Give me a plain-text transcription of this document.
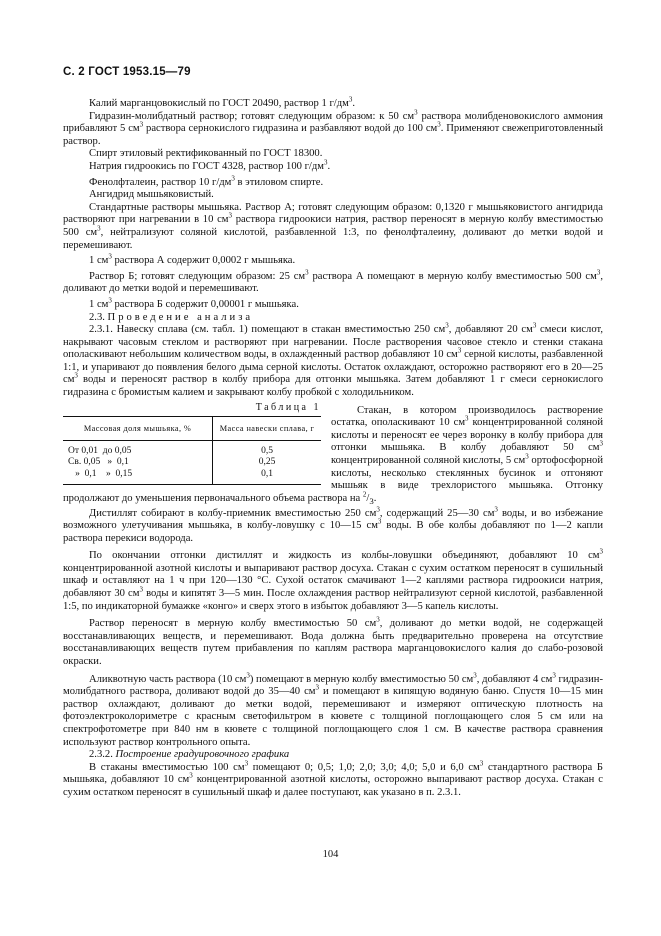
С. 2 ГОСТ 1953.15—79

Калий марганцовокислый по ГОСТ 20490, раствор 1 $г/дм^3$.

Гидразин-молибдатный раствор; готовят следующим образом: к 50 $см^3$ раствора молибденовокислого аммония прибавляют 5 $см^3$ раствора сернокислого гидразина и разбавляют водой до 100 $см^3$. Применяют свежеприготовленный раствор.

Спирт этиловый ректификованный по ГОСТ 18300.

Натрия гидроокись по ГОСТ 4328, раствор 100 $г/дм^3$.

Фенолфталеин, раствор 10 $г/дм^3$ в этиловом спирте.

Ангидрид мышьяковистый.

Стандартные растворы мышьяка. Раствор А; готовят следующим образом: 0,1320 г мышьяковистого ангидрида растворяют при нагревании в 10 $см^3$ раствора гидроокиси натрия, раствор переносят в мерную колбу вместимостью 500 $см^3$, нейтрализуют соляной кислотой, разбавленной 1:3, по фенолфталеину, доливают до метки водой и перемешивают.

1 $см^3$ раствора А содержит 0,0002 г мышьяка.

Раствор Б; готовят следующим образом: 25 $см^3$ раствора А помещают в мерную колбу вместимостью 500 $см^3$, доливают до метки водой и перемешивают.

1 $см^3$ раствора Б содержит 0,00001 г мышьяка.

2.3. Проведение анализа

2.3.1. Навеску сплава (см. табл. 1) помещают в стакан вместимостью 250 $см^3$, добавляют 20 $см^3$ смеси кислот, накрывают часовым стеклом и растворяют при нагревании. После растворения часовое стекло и стенки стакана ополаскивают небольшим количеством воды, в охлажденный раствор добавляют 10 $см^3$ серной кислоты, разбавленной 1:1, и упаривают до появления белого дыма серной кислоты. Остаток охлаждают, осторожно растворяют его в 20—25 $см^3$ воды и переносят раствор в колбу прибора для отгонки мышьяка. Затем добавляют 1 г смеси сернокислого гидразина с бромистым калием и закрывают колбу пробкой с холодильником.

Таблица 1
Массовая доля мышьяка, %	Масса навески сплава, г
От 0,01  до 0,05	0,5
Св. 0,05   »  0,1	0,25
»  0,1    »  0,15	0,1

Стакан, в котором производилось растворение остатка, ополаскивают 10 $см^3$ концентрированной соляной кислоты и переносят ее через воронку в колбу прибора для отгонки мышьяка. В колбу добавляют 50 $см^3$ концентрированной соляной кислоты, 5 $см^3$ ортофосфорной кислоты, несколько стеклянных бусинок и отгоняют мышьяк в виде трехлористого мышьяка. Отгонку продолжают до уменьшения первоначального объема раствора на $^2/_3$.

Дистиллят собирают в колбу-приемник вместимостью 250 $см^3$, содержащий 25—30 $см^3$ воды, и во избежание возможного улетучивания мышьяка, в колбу-ловушку с 10—15 $см^3$ воды. В обе колбы добавляют по 1—2 капли раствора перекиси водорода.

По окончании отгонки дистиллят и жидкость из колбы-ловушки объединяют, добавляют 10 $см^3$ концентрированной азотной кислоты и выпаривают раствор досуха. Стакан с сухим остатком переносят в сушильный шкаф и оставляют на 1 ч при 120—130 °С. Сухой остаток смачивают 1—2 каплями раствора гидроокиси натрия, добавляют 30 $см^3$ воды и кипятят 3—5 мин. После охлаждения раствор нейтрализуют серной кислотой, разбавленной 1:5, по индикаторной бумажке «конго» и сверх этого в избыток добавляют 3—5 капель кислоты.

Раствор переносят в мерную колбу вместимостью 50 $см^3$, доливают до метки водой, не содержащей восстанавливающих веществ, и перемешивают. Вода должна быть предварительно проверена на отсутствие восстанавливающих веществ путем прибавления по каплям раствора марганцовокислого калия до слабо-розовой окраски.

Аликвотную часть раствора (10 $см^3$) помещают в мерную колбу вместимостью 50 $см^3$, добавляют 4 $см^3$ гидразин-молибдатного раствора, доливают водой до 35—40 $см^3$ и помещают в кипящую водяную баню. Спустя 10—15 мин раствор охлаждают, доливают до метки водой, перемешивают и измеряют оптическую плотность на фотоэлектроколориметре с красным светофильтром в кювете с толщиной поглощающего слоя 5 см или на спектрофотометре при 840 нм в кювете с толщиной поглощающего слоя 1 см. В качестве раствора сравнения используют раствор контрольного опыта.

2.3.2. Построение градуировочного графика

В стаканы вместимостью 100 $см^3$ помещают 0; 0,5; 1,0; 2,0; 3,0; 4,0; 5,0 и 6,0 $см^3$ стандартного раствора Б мышьяка, добавляют 10 $см^3$ концентрированной азотной кислоты, осторожно выпаривают раствор досуха. Стакан с сухим остатком переносят в сушильный шкаф и далее поступают, как указано в п. 2.3.1.

104
